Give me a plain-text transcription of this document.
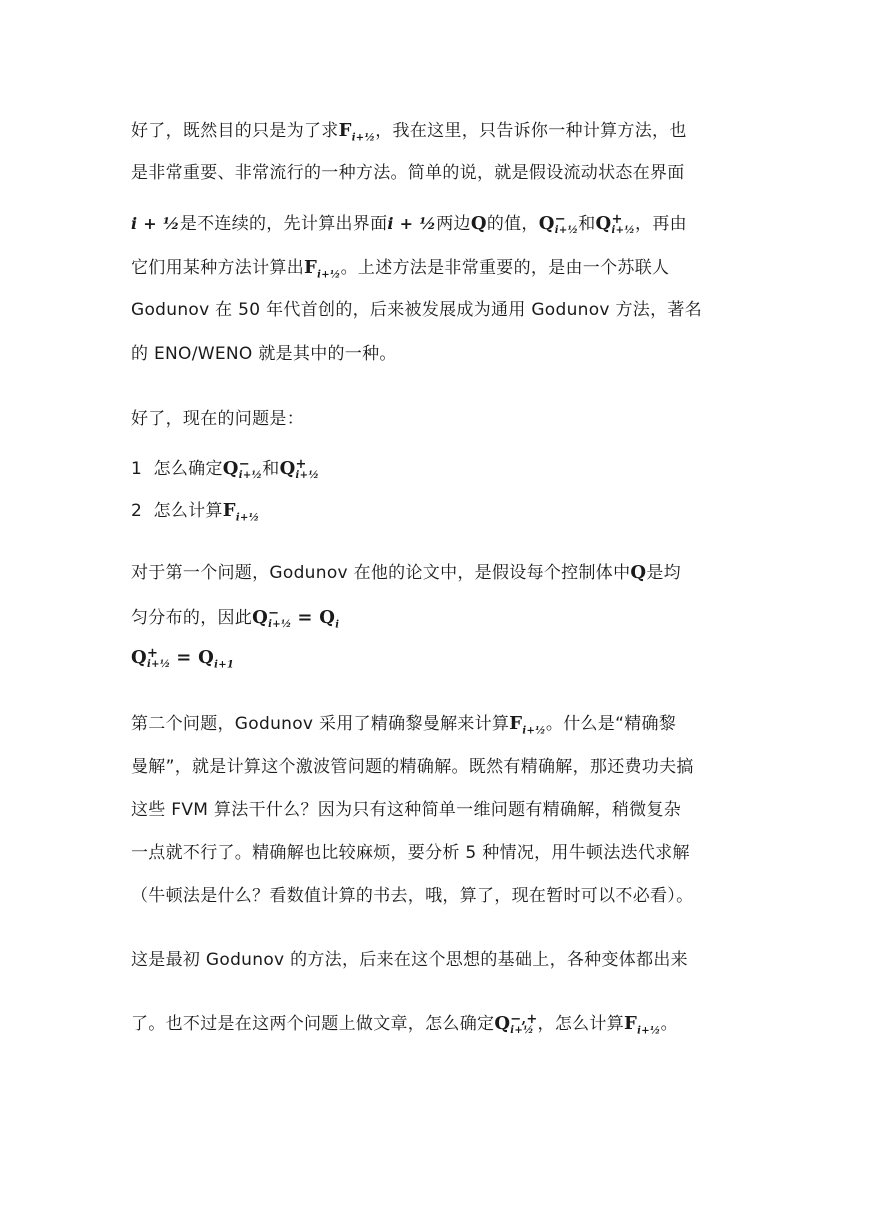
好了，既然目的只是为了求$F_{i+\frac{1}{2}}$，我在这里，只告诉你一种计算方法，也

是非常重要、非常流行的一种方法。简单的说，就是假设流动状态在界面

i + ½是不连续的，先计算出界面i + ½两边Q的值，Q −
i+½ 和Q +
i+½ ，再由

它们用某种方法计算出$F_{i+\frac{1}{2}}$。上述方法是非常重要的，是由一个苏联人

Godunov 在 50 年代首创的，后来被发展成为通用 Godunov 方法，著名

的 ENO/WENO 就是其中的一种。

好了，现在的问题是：

1 怎么确定Q −
i+½ 和Q +
i+½

2 怎么计算$F_{i+\frac{1}{2}}$

对于第一个问题，Godunov 在他的论文中，是假设每个控制体中Q是均

匀分布的，因此Q −
i+½ = $Q_i$

Q +
i+½ = $Q_{i+1}$

第二个问题，Godunov 采用了精确黎曼解来计算$F_{i+\frac{1}{2}}$。什么是“精确黎

曼解”，就是计算这个激波管问题的精确解。既然有精确解，那还费功夫搞

这些 FVM 算法干什么？因为只有这种简单一维问题有精确解，稍微复杂

一点就不行了。精确解也比较麻烦，要分析 5 种情况，用牛顿法迭代求解

（牛顿法是什么？看数值计算的书去，哦，算了，现在暂时可以不必看）。

这是最初 Godunov 的方法，后来在这个思想的基础上，各种变体都出来

了。也不过是在这两个问题上做文章，怎么确定Q −,+
i+½ ，怎么计算$F_{i+\frac{1}{2}}$。
